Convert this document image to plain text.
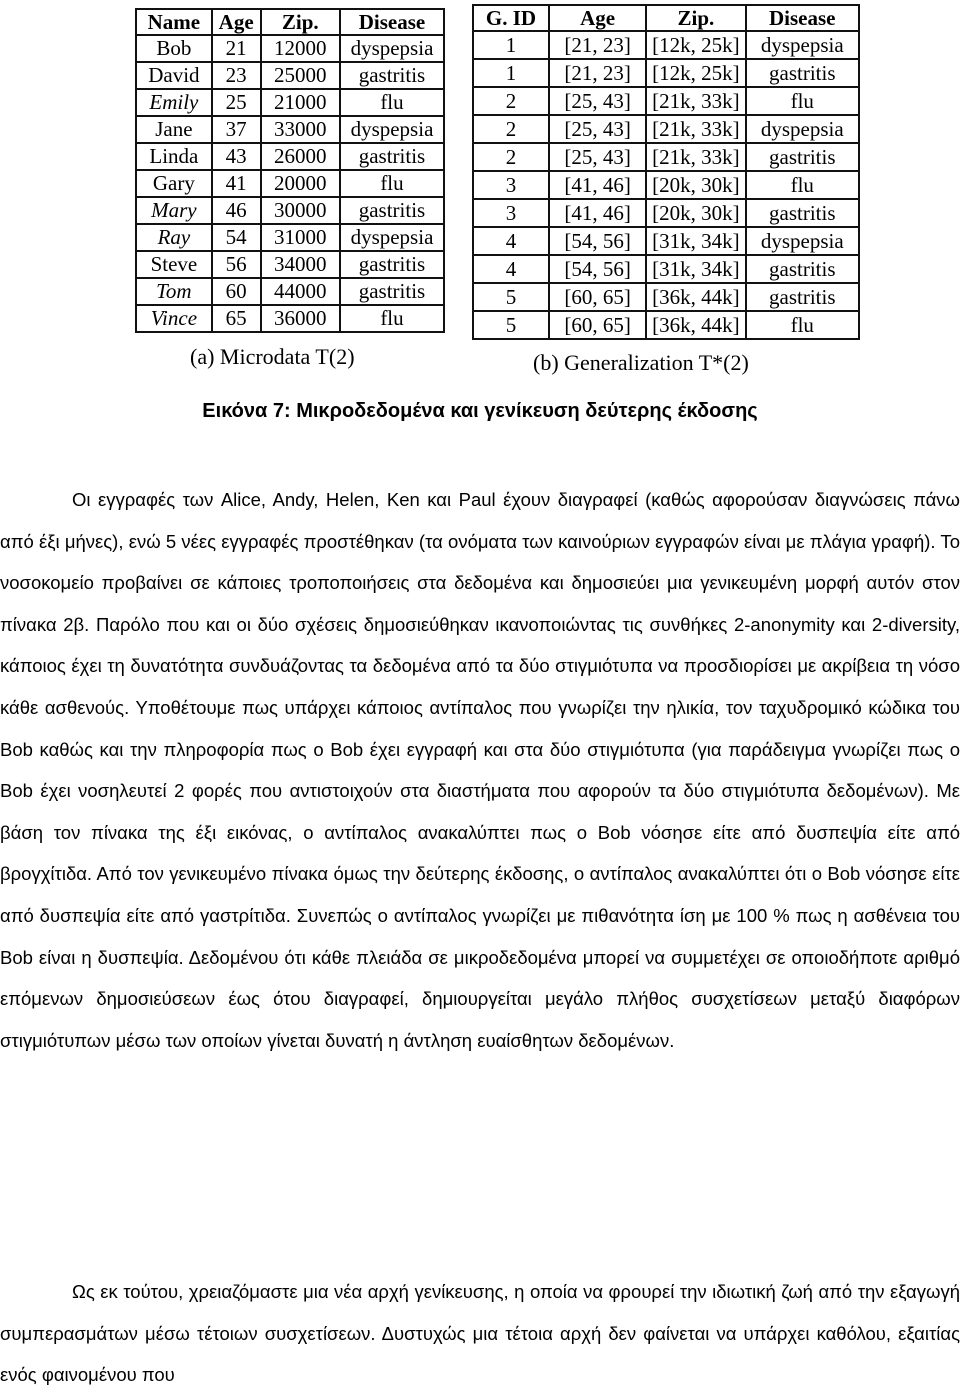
Name	Age	Zip.	Disease
Bob	21	12000	dyspepsia
David	23	25000	gastritis
Emily	25	21000	flu
Jane	37	33000	dyspepsia
Linda	43	26000	gastritis
Gary	41	20000	flu
Mary	46	30000	gastritis
Ray	54	31000	dyspepsia
Steve	56	34000	gastritis
Tom	60	44000	gastritis
Vince	65	36000	flu
(a) Microdata T(2)
G. ID	Age	Zip.	Disease
1	[21, 23]	[12k, 25k]	dyspepsia
1	[21, 23]	[12k, 25k]	gastritis
2	[25, 43]	[21k, 33k]	flu
2	[25, 43]	[21k, 33k]	dyspepsia
2	[25, 43]	[21k, 33k]	gastritis
3	[41, 46]	[20k, 30k]	flu
3	[41, 46]	[20k, 30k]	gastritis
4	[54, 56]	[31k, 34k]	dyspepsia
4	[54, 56]	[31k, 34k]	gastritis
5	[60, 65]	[36k, 44k]	gastritis
5	[60, 65]	[36k, 44k]	flu
(b) Generalization T*(2)
Εικόνα 7: Μικροδεδομένα και γενίκευση δεύτερης έκδοσης

Οι εγγραφές των Alice, Andy, Helen, Ken και Paul έχουν διαγραφεί (καθώς αφορούσαν διαγνώσεις πάνω από έξι μήνες), ενώ 5 νέες εγγραφές προστέθηκαν (τα ονόματα των καινούριων εγγραφών είναι με πλάγια γραφή). Το νοσοκομείο προβαίνει σε κάποιες τροποποιήσεις στα δεδομένα και δημοσιεύει μια γενικευμένη μορφή αυτόν στον πίνακα 2β. Παρόλο που και οι δύο σχέσεις δημοσιεύθηκαν ικανοποιώντας τις συνθήκες 2-anonymity και 2-diversity, κάποιος έχει τη δυνατότητα συνδυάζοντας τα δεδομένα από τα δύο στιγμιότυπα να προσδιορίσει με ακρίβεια τη νόσο κάθε ασθενούς. Υποθέτουμε πως υπάρχει κάποιος αντίπαλος που γνωρίζει την ηλικία, τον ταχυδρομικό κώδικα του Bob καθώς και την πληροφορία πως ο Bob έχει εγγραφή και στα δύο στιγμιότυπα (για παράδειγμα γνωρίζει πως ο Bob έχει νοσηλευτεί 2 φορές που αντιστοιχούν στα διαστήματα που αφορούν τα δύο στιγμιότυπα δεδομένων). Με βάση τον πίνακα της έξι εικόνας, ο αντίπαλος ανακαλύπτει πως ο Bob νόσησε είτε από δυσπεψία είτε από βρογχίτιδα. Από τον γενικευμένο πίνακα όμως την δεύτερης έκδοσης, ο αντίπαλος ανακαλύπτει ότι ο Bob νόσησε είτε από δυσπεψία είτε από γαστρίτιδα. Συνεπώς ο αντίπαλος γνωρίζει με πιθανότητα ίση με 100 % πως η ασθένεια του Bob είναι η δυσπεψία. Δεδομένου ότι κάθε πλειάδα σε μικροδεδομένα μπορεί να συμμετέχει σε οποιοδήποτε αριθμό επόμενων δημοσιεύσεων έως ότου διαγραφεί, δημιουργείται μεγάλο πλήθος συσχετίσεων μεταξύ διαφόρων στιγμιότυπων μέσω των οποίων γίνεται δυνατή η άντληση ευαίσθητων δεδομένων.

Ως εκ τούτου, χρειαζόμαστε μια νέα αρχή γενίκευσης, η οποία να φρουρεί την ιδιωτική ζωή από την εξαγωγή συμπερασμάτων μέσω τέτοιων συσχετίσεων. Δυστυχώς μια τέτοια αρχή δεν φαίνεται να υπάρχει καθόλου, εξαιτίας ενός φαινομένου που
